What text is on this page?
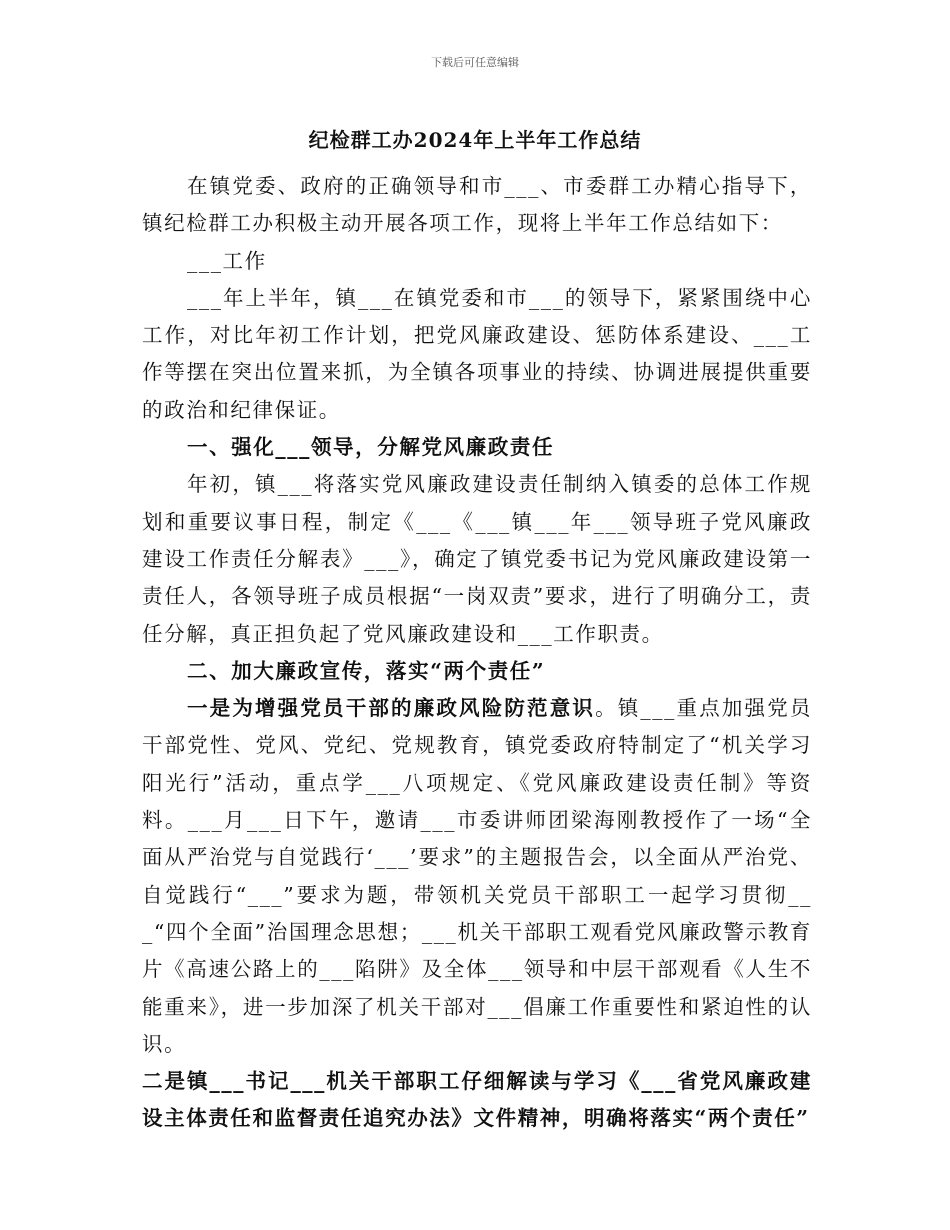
下载后可任意编辑
纪检群工办2024年上半年工作总结

在镇党委、政府的正确领导和市___、市委群工办精心指导下，镇纪检群工办积极主动开展各项工作，现将上半年工作总结如下：

___工作

___年上半年，镇___在镇党委和市___的领导下，紧紧围绕中心工作，对比年初工作计划，把党风廉政建设、惩防体系建设、___工作等摆在突出位置来抓，为全镇各项事业的持续、协调进展提供重要的政治和纪律保证。

一、强化___领导，分解党风廉政责任

年初，镇___将落实党风廉政建设责任制纳入镇委的总体工作规划和重要议事日程，制定《___《___镇___年___领导班子党风廉政建设工作责任分解表》___》，确定了镇党委书记为党风廉政建设第一责任人，各领导班子成员根据“一岗双责”要求，进行了明确分工，责任分解，真正担负起了党风廉政建设和___工作职责。

二、加大廉政宣传，落实“两个责任”

一是为增强党员干部的廉政风险防范意识。镇___重点加强党员干部党性、党风、党纪、党规教育，镇党委政府特制定了“机关学习阳光行”活动，重点学___八项规定、《党风廉政建设责任制》等资料。___月___日下午，邀请___市委讲师团梁海刚教授作了一场“全面从严治党与自觉践行‘___’要求”的主题报告会，以全面从严治党、自觉践行“___”要求为题，带领机关党员干部职工一起学习贯彻___“四个全面”治国理念思想；___机关干部职工观看党风廉政警示教育片《高速公路上的___陷阱》及全体___领导和中层干部观看《人生不能重来》，进一步加深了机关干部对___倡廉工作重要性和紧迫性的认识。

二是镇___书记___机关干部职工仔细解读与学习《___省党风廉政建设主体责任和监督责任追究办法》文件精神，明确将落实“两个责任”
